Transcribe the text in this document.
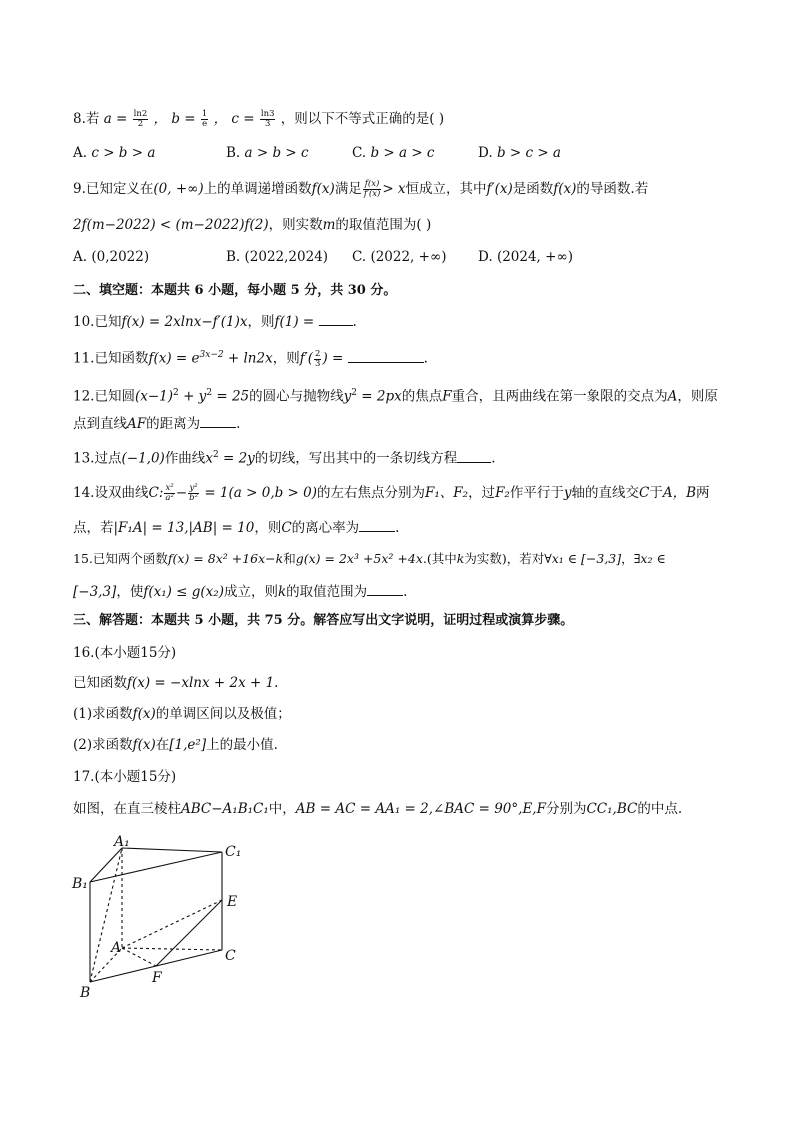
8.若 $a = \frac{\ln 2}{2}$ ， $b = \frac{1}{e}$ ， $c = \frac{\ln 3}{3}$ ，则以下不等式正确的是( )
A. c > b > a	B. a > b > c	C. b > a > c	D. b > c > a
9.已知定义在(0, +∞)上的单调递增函数f(x)满足 $\frac{f(x)}{f'(x)} > x$恒成立，其中f′(x)是函数f(x)的导函数.若
2f(m−2022) < (m−2022)f(2)，则实数m的取值范围为( )
A. (0,2022)	B. (2022,2024) C. (2022, +∞) D. (2024, +∞)
二、填空题：本题共 6 小题，每小题 5 分，共 30 分。
10.已知f(x) = 2xlnx−f′(1)x，则f(1) =	.
11.已知函数$f(x) = e^{3x-2} + \ln 2x$，则$f'( \frac{2}{3}$ ) =	.
12.已知圆$(x-1)^2 + y^2 = 25$的圆心与抛物线$y^2 = 2px$的焦点F重合，且两曲线在第一象限的交点为A，则原
点到直线AF的距离为	.
13.过点(−1,0)作曲线$x^2 = 2y$的切线，写出其中的一条切线方程	.
14.设双曲线C: $\frac{\text{x²}}{\text{a²}} - \frac{\text{y²}}{\text{b²}} = 1(a > 0,b > 0)$的左右焦点分别为F₁、F₂，过F₂作平行于y轴的直线交C于A，B两
点，若|F₁A| = 13,|AB| = 10，则C的离心率为	.
15.已知两个函数f(x) = 8x² +16x−k和g(x) = 2x³ +5x² +4x.(其中k为实数)，若对∀x₁ ∈ [−3,3]，∃x₂ ∈
[−3,3]，使f(x₁) ≤ g(x₂)成立，则k的取值范围为	.
三、解答题：本题共 5 小题，共 75 分。解答应写出文字说明，证明过程或演算步骤。
16.(本小题15分)
已知函数f(x) = −xlnx + 2x + 1.
(1)求函数f(x)的单调区间以及极值；
(2)求函数f(x)在[1,e²]上的最小值.
17.(本小题15分)
如图，在直三棱柱ABC−A₁B₁C₁中，AB = AC = AA₁ = 2,∠BAC = 90°,E,F分别为CC₁,BC的中点.
A₁
C₁
B₁
E
A	C
B
F
